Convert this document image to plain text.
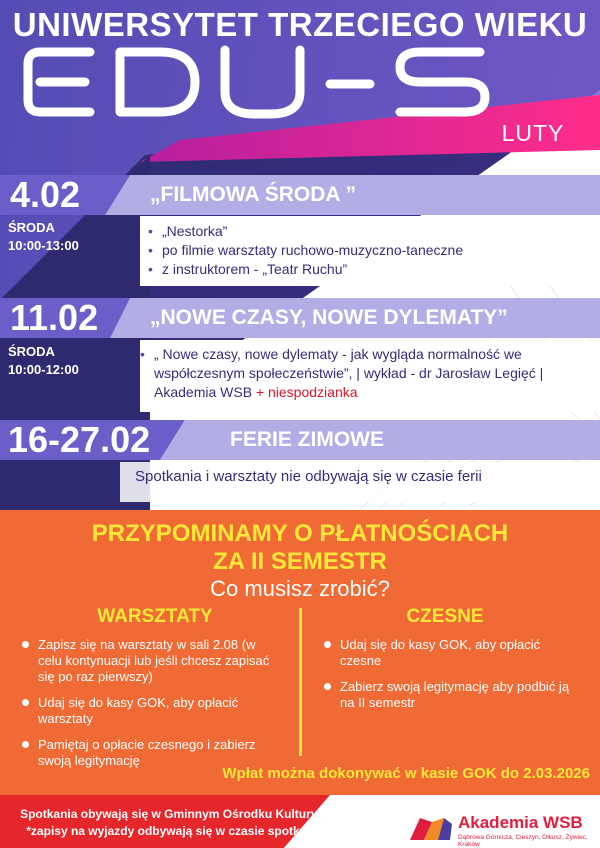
UNIWERSYTET TRZECIEGO WIEKU
LUTY
4.02	„FILMOWA ŚRODA ”
ŚRODA
10:00-13:00
• „Nestorka”
• po filmie warsztaty ruchowo-muzyczno-taneczne
• z instruktorem - „Teatr Ruchu”
11.02 „NOWE CZASY, NOWE DYLEMATY”
ŚRODA
10:00-12:00
• „ Nowe czasy, nowe dylematy - jak wygląda normalność we
współczesnym społeczeństwie”, | wykład - dr Jarosław Legięć |
Akademia WSB + niespodzianka
16-27.02	FERIE ZIMOWE
Spotkania i warsztaty nie odbywają się w czasie ferii
PRZYPOMINAMY O PŁATNOŚCIACH
ZA II SEMESTR
Co musisz zrobić?
WARSZTATY	CZESNE
Zapisz się na warsztaty w sali 2.08 (w celu kontynuacji lub jeśli chcesz zapisać się po raz pierwszy)
Udaj się do kasy GOK, aby opłacić warsztaty
Pamiętaj o opłacie czesnego i zabierz swoją legitymację
Udaj się do kasy GOK, aby opłacić czesne
Zabierz swoją legitymację aby podbić ją na II semestr
Wpłat można dokonywać w kasie GOK do 2.03.2026
Spotkania obywają się w Gminnym Ośrodku Kultury,
*zapisy na wyjazdy odbywają się w czasie spotkań	Akademia WSB
Dąbrowa Górnicza, Cieszyn, Olkusz, Żywiec, Kraków
